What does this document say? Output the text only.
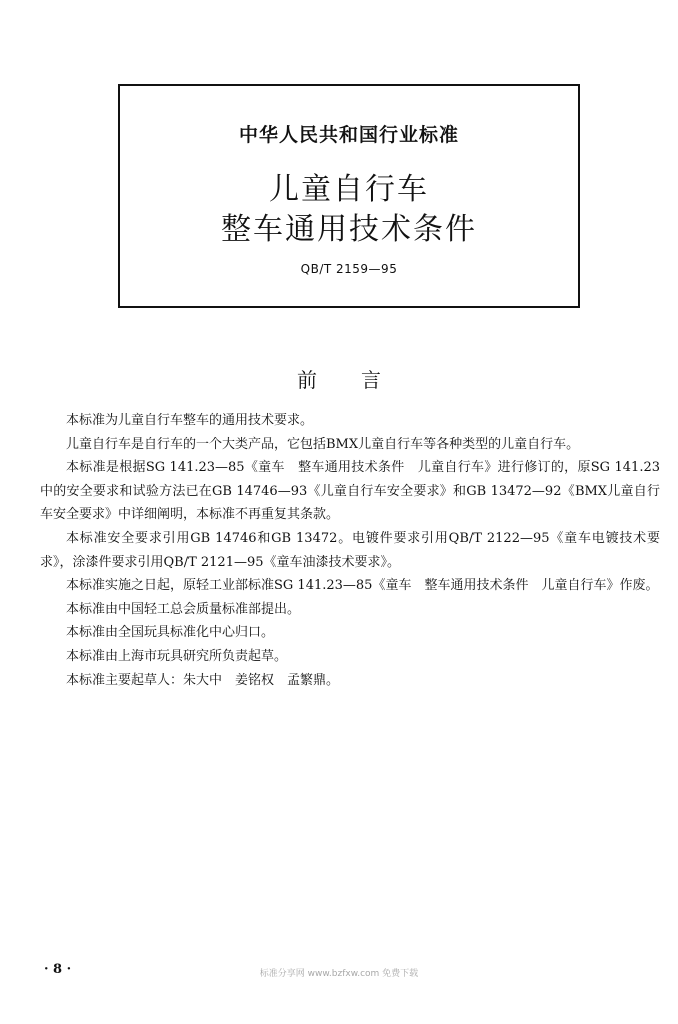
中华人民共和国行业标准
儿童自行车
整车通用技术条件
QB/T 2159—95
前言

本标准为儿童自行车整车的通用技术要求。

儿童自行车是自行车的一个大类产品，它包括BMX儿童自行车等各种类型的儿童自行车。

本标准是根据SG 141.23—85《童车　整车通用技术条件　儿童自行车》进行修订的，原SG 141.23中的安全要求和试验方法已在GB 14746—93《儿童自行车安全要求》和GB 13472—92《BMX儿童自行车安全要求》中详细阐明，本标准不再重复其条款。

本标准安全要求引用GB 14746和GB 13472。电镀件要求引用QB/T 2122—95《童车电镀技术要求》，涂漆件要求引用QB/T 2121—95《童车油漆技术要求》。

本标准实施之日起，原轻工业部标准SG 141.23—85《童车　整车通用技术条件　儿童自行车》作废。

本标准由中国轻工总会质量标准部提出。

本标准由全国玩具标准化中心归口。

本标准由上海市玩具研究所负责起草。

本标准主要起草人：朱大中　姜铭权　孟繁鼎。

· 8 ·	标准分享网 www.bzfxw.com 免费下载
